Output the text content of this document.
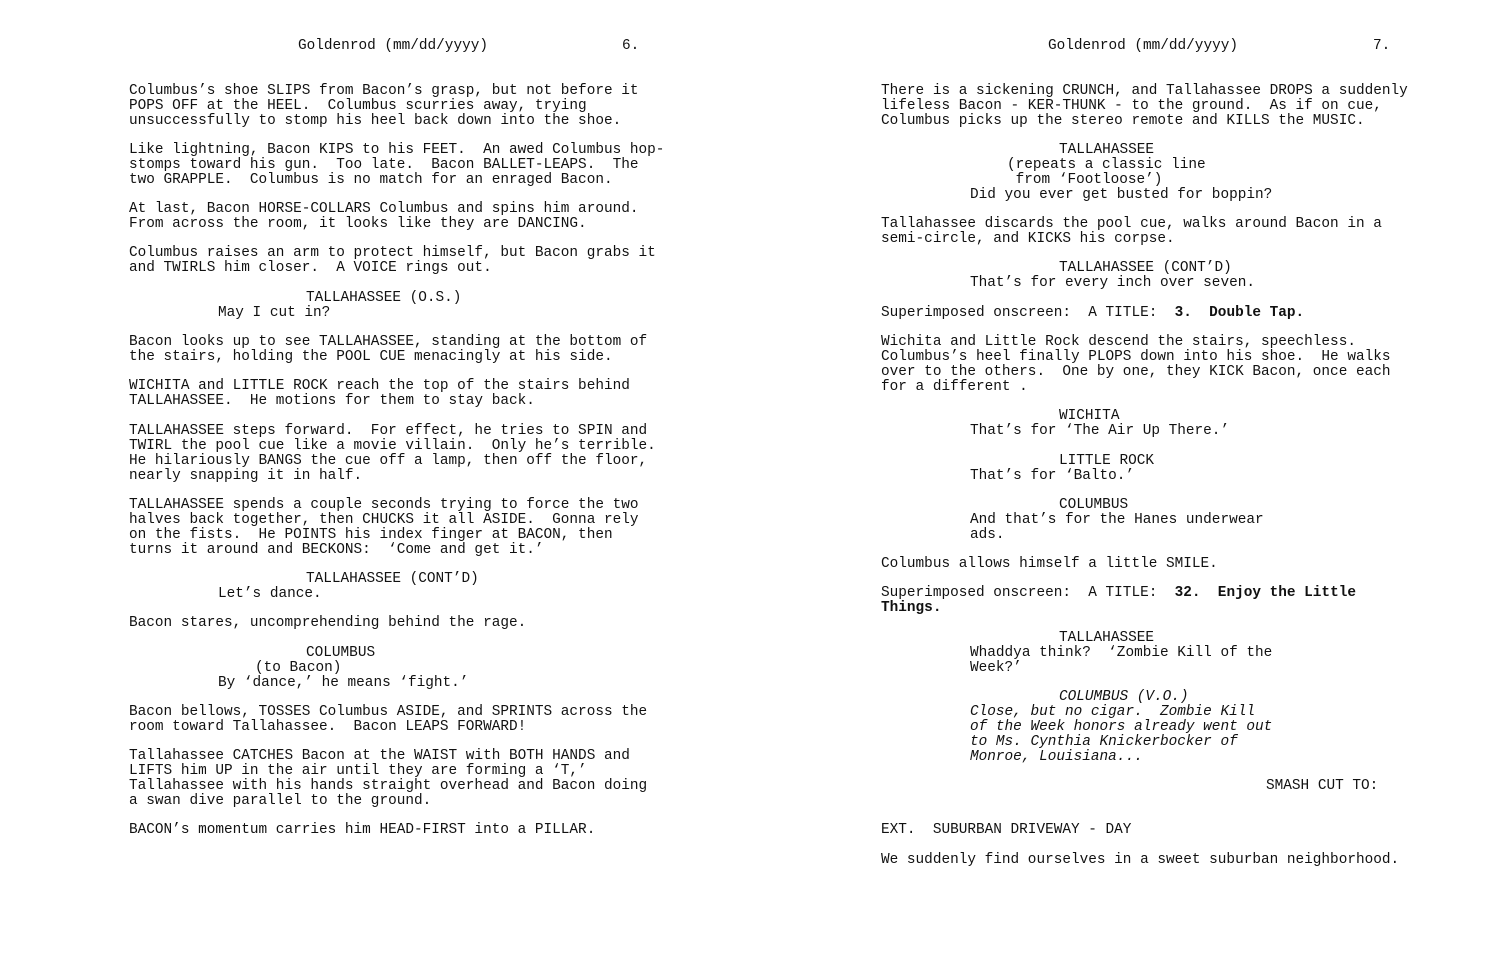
Goldenrod (mm/dd/yyyy)	6.
Columbus’s shoe SLIPS from Bacon’s grasp, but not before it
POPS OFF at the HEEL.  Columbus scurries away, trying
unsuccessfully to stomp his heel back down into the shoe.
Like lightning, Bacon KIPS to his FEET.  An awed Columbus hop-
stomps toward his gun.  Too late.  Bacon BALLET-LEAPS.  The
two GRAPPLE.  Columbus is no match for an enraged Bacon.
At last, Bacon HORSE-COLLARS Columbus and spins him around.
From across the room, it looks like they are DANCING.
Columbus raises an arm to protect himself, but Bacon grabs it
and TWIRLS him closer.  A VOICE rings out.
TALLAHASSEE (O.S.)
May I cut in?
Bacon looks up to see TALLAHASSEE, standing at the bottom of
the stairs, holding the POOL CUE menacingly at his side.
WICHITA and LITTLE ROCK reach the top of the stairs behind
TALLAHASSEE.  He motions for them to stay back.
TALLAHASSEE steps forward.  For effect, he tries to SPIN and
TWIRL the pool cue like a movie villain.  Only he’s terrible.
He hilariously BANGS the cue off a lamp, then off the floor,
nearly snapping it in half.
TALLAHASSEE spends a couple seconds trying to force the two
halves back together, then CHUCKS it all ASIDE.  Gonna rely
on the fists.  He POINTS his index finger at BACON, then
turns it around and BECKONS:  ‘Come and get it.’
TALLAHASSEE (CONT’D)
Let’s dance.
Bacon stares, uncomprehending behind the rage.
COLUMBUS
(to Bacon)
By ‘dance,’ he means ‘fight.’
Bacon bellows, TOSSES Columbus ASIDE, and SPRINTS across the
room toward Tallahassee.  Bacon LEAPS FORWARD!
Tallahassee CATCHES Bacon at the WAIST with BOTH HANDS and
LIFTS him UP in the air until they are forming a ‘T,’
Tallahassee with his hands straight overhead and Bacon doing
a swan dive parallel to the ground.
BACON’s momentum carries him HEAD-FIRST into a PILLAR.
Goldenrod (mm/dd/yyyy)	7.
There is a sickening CRUNCH, and Tallahassee DROPS a suddenly
lifeless Bacon - KER-THUNK - to the ground.  As if on cue,
Columbus picks up the stereo remote and KILLS the MUSIC.
TALLAHASSEE
(repeats a classic line
from ‘Footloose’)
Did you ever get busted for boppin?
Tallahassee discards the pool cue, walks around Bacon in a
semi-circle, and KICKS his corpse.
TALLAHASSEE (CONT’D)
That’s for every inch over seven.
Superimposed onscreen:  A TITLE:  3.  Double Tap.
Wichita and Little Rock descend the stairs, speechless.
Columbus’s heel finally PLOPS down into his shoe.  He walks
over to the others.  One by one, they KICK Bacon, once each
for a different .
WICHITA
That’s for ‘The Air Up There.’
LITTLE ROCK
That’s for ‘Balto.’
COLUMBUS
And that’s for the Hanes underwear
ads.
Columbus allows himself a little SMILE.
Superimposed onscreen:  A TITLE:  32.  Enjoy the Little
Things.
TALLAHASSEE
Whaddya think?  ‘Zombie Kill of the
Week?’
COLUMBUS (V.O.)
Close, but no cigar.  Zombie Kill
of the Week honors already went out
to Ms. Cynthia Knickerbocker of
Monroe, Louisiana...
SMASH CUT TO:
EXT.  SUBURBAN DRIVEWAY - DAY
We suddenly find ourselves in a sweet suburban neighborhood.
